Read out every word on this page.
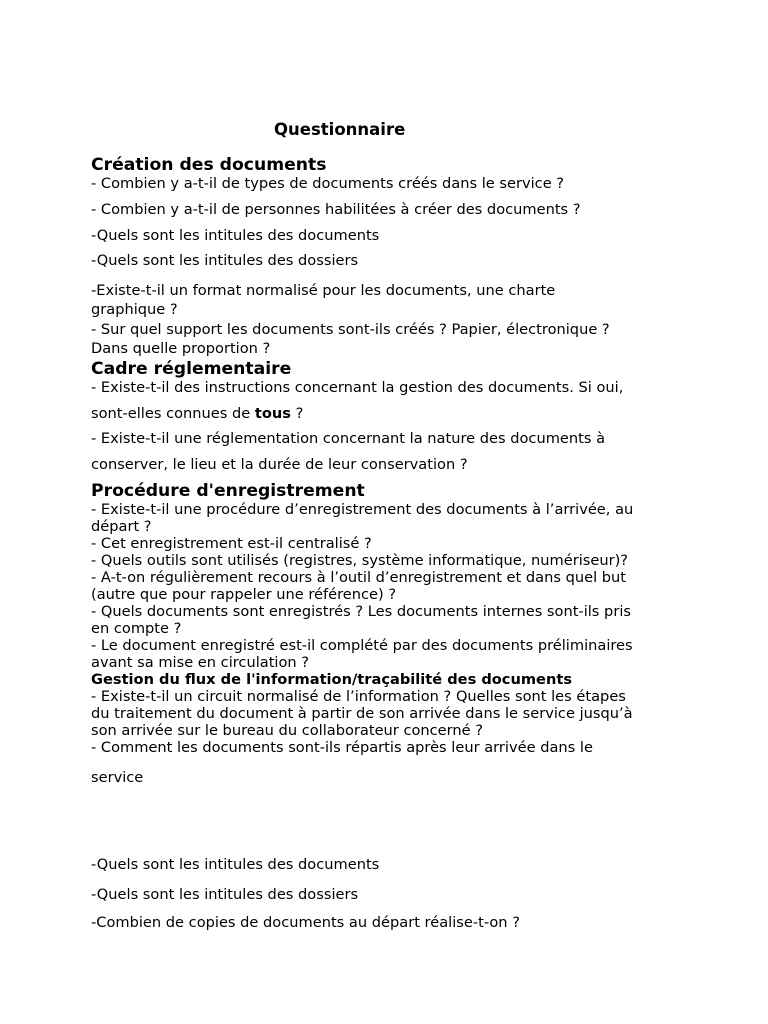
Questionnaire
Création des documents

- Combien y a-t-il de types de documents créés dans le service ?

- Combien y a-t-il de personnes habilitées à créer des documents ?

-Quels sont les intitules des documents

-Quels sont les intitules des dossiers

-Existe-t-il un format normalisé pour les documents, une charte

graphique ?

- Sur quel support les documents sont-ils créés ? Papier, électronique ?

Dans quelle proportion ?

Cadre réglementaire

- Existe-t-il des instructions concernant la gestion des documents. Si oui,

sont-elles connues de tous ?

- Existe-t-il une réglementation concernant la nature des documents à

conserver, le lieu et la durée de leur conservation ?

Procédure d'enregistrement

- Existe-t-il une procédure d’enregistrement des documents à l’arrivée, au

départ ?

- Cet enregistrement est-il centralisé ?

- Quels outils sont utilisés (registres, système informatique, numériseur)?

- A-t-on régulièrement recours à l’outil d’enregistrement et dans quel but

(autre que pour rappeler une référence) ?

- Quels documents sont enregistrés ? Les documents internes sont-ils pris

en compte ?

- Le document enregistré est-il complété par des documents préliminaires

avant sa mise en circulation ?

Gestion du flux de l'information/traçabilité des documents

- Existe-t-il un circuit normalisé de l’information ? Quelles sont les étapes

du traitement du document à partir de son arrivée dans le service jusqu’à

son arrivée sur le bureau du collaborateur concerné ?

- Comment les documents sont-ils répartis après leur arrivée dans le

service

-Quels sont les intitules des documents

-Quels sont les intitules des dossiers

-Combien de copies de documents au départ réalise-t-on ?
